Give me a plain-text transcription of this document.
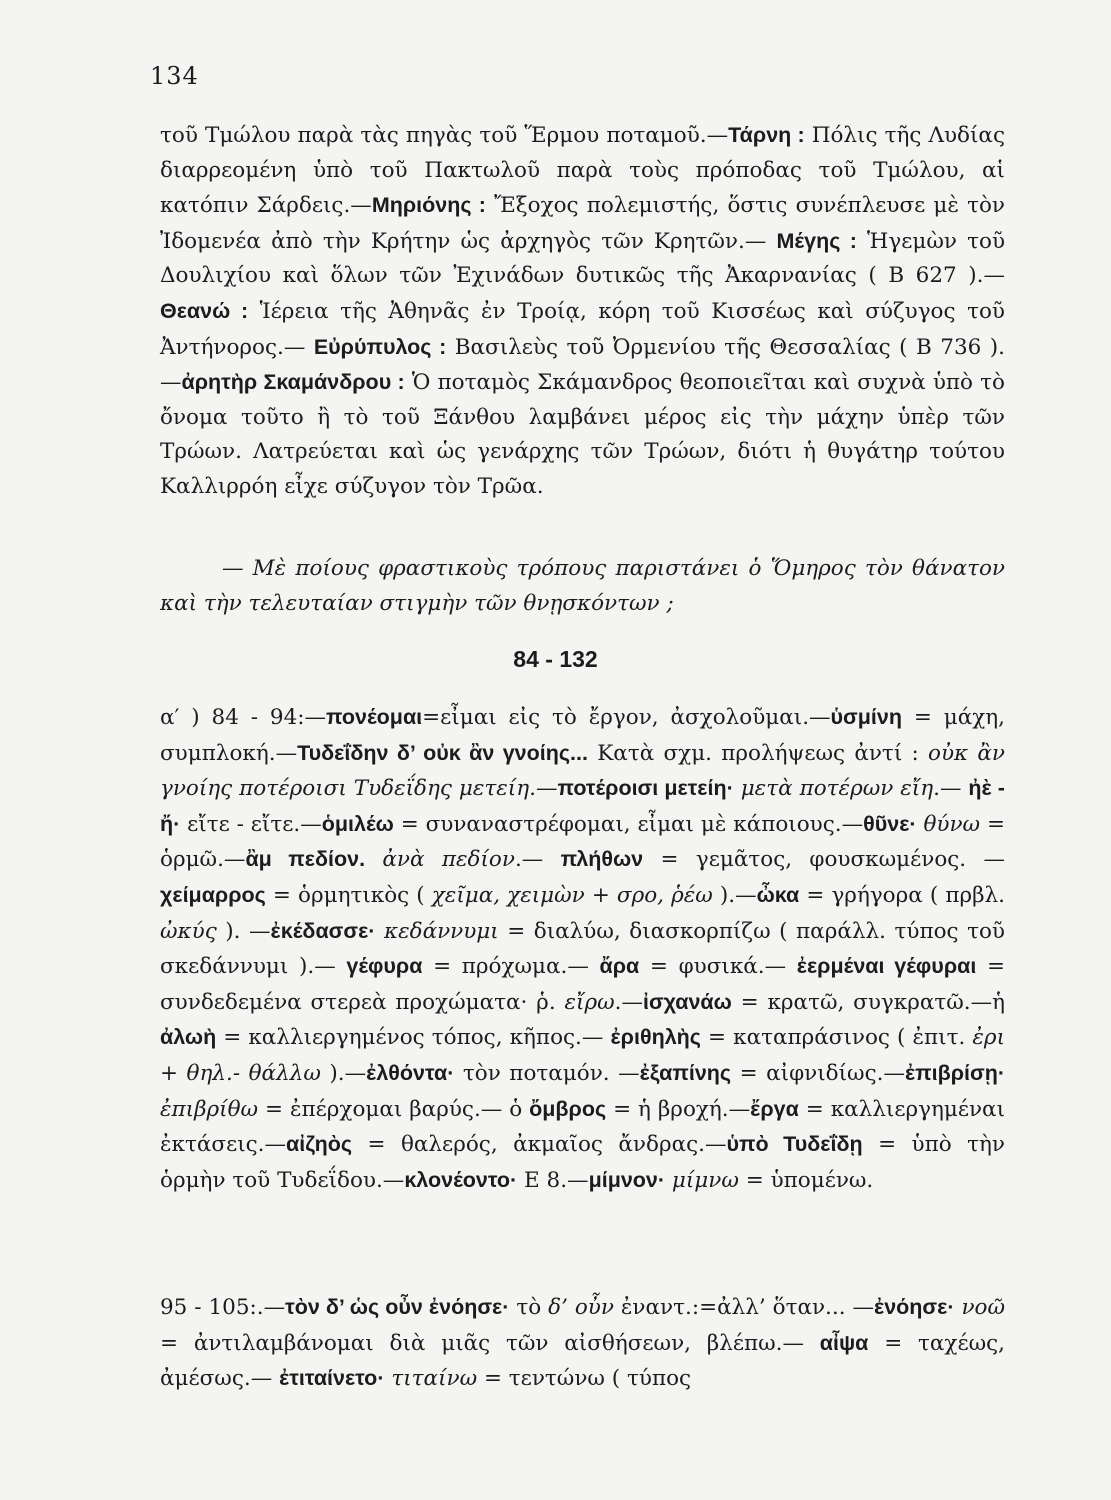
134

τοῦ Τμώλου παρὰ τὰς πηγὰς τοῦ Ἕρμου ποταμοῦ.—Τάρνη : Πόλις τῆς Λυδίας διαρρεομένη ὑπὸ τοῦ Πακτωλοῦ παρὰ τοὺς πρόποδας τοῦ Τμώλου, αἱ κατόπιν Σάρδεις.—Μηριόνης : Ἔξοχος πολεμιστής, ὅστις συνέπλευσε μὲ τὸν Ἰδομενέα ἀπὸ τὴν Κρήτην ὡς ἀρχηγὸς τῶν Κρητῶν.— Μέγης : Ἡγεμὼν τοῦ Δουλιχίου καὶ ὅλων τῶν Ἐχινάδων δυτικῶς τῆς Ἀκαρνανίας ( Β 627 ).—Θεανώ : Ἱέρεια τῆς Ἀθηνᾶς ἐν Τροίᾳ, κόρη τοῦ Κισσέως καὶ σύζυγος τοῦ Ἀντήνορος.— Εὐρύπυλος : Βασιλεὺς τοῦ Ὀρμενίου τῆς Θεσσαλίας ( Β 736 ).—ἀρητὴρ Σκαμάνδρου : Ὁ ποταμὸς Σκάμανδρος θεοποιεῖται καὶ συχνὰ ὑπὸ τὸ ὄνομα τοῦτο ἢ τὸ τοῦ Ξάνθου λαμβάνει μέρος εἰς τὴν μάχην ὑπὲρ τῶν Τρώων. Λατρεύεται καὶ ὡς γενάρχης τῶν Τρώων, διότι ἡ θυγάτηρ τούτου Καλλιρρόη εἶχε σύζυγον τὸν Τρῶα.

— Μὲ ποίους φραστικοὺς τρόπους παριστάνει ὁ Ὅμηρος τὸν θάνατον καὶ τὴν τελευταίαν στιγμὴν τῶν θνῃσκόντων ;
84 - 132

α′ ) 84 - 94:—πονέομαι=εἶμαι εἰς τὸ ἔργον, ἀσχολοῦμαι.—ὑσμίνη = μάχη, συμπλοκή.—Τυδεΐδην δ’ οὐκ ἂν γνοίης... Κατὰ σχμ. προλήψεως ἀντί : οὐκ ἂν γνοίης ποτέροισι Τυδεΐδης μετείη.—ποτέροισι μετείη· μετὰ ποτέρων εἴη.— ἠὲ - ἤ· εἴτε - εἴτε.—ὁμιλέω = συναναστρέφομαι, εἶμαι μὲ κάποιους.—θῦνε· θύνω = ὁρμῶ.—ἂμ πεδίον. ἀνὰ πεδίον.— πλήθων = γεμᾶτος, φουσκωμένος. — χείμαρρος = ὁρμητικὸς ( χεῖμα, χειμὼν + σρο, ῥέω ).—ὦκα = γρήγορα ( πρβλ. ὠκύς ). —ἐκέδασσε· κεδάννυμι = διαλύω, διασκορπίζω ( παράλλ. τύπος τοῦ σκεδάννυμι ).— γέφυρα = πρόχωμα.— ἄρα = φυσικά.— ἐερμέναι γέφυραι = συνδεδεμένα στερεὰ προχώματα· ῥ. εἴρω.—ἰσχανάω = κρατῶ, συγκρατῶ.—ἡ ἀλωὴ = καλλιεργημένος τόπος, κῆπος.— ἐριθηλὴς = καταπράσινος ( ἐπιτ. ἐρι + θηλ.- θάλλω ).—ἐλθόντα· τὸν ποταμόν. —ἐξαπίνης = αἰφνιδίως.—ἐπιβρίσῃ· ἐπιβρίθω = ἐπέρχομαι βαρύς.— ὁ ὄμβρος = ἡ βροχή.—ἔργα = καλλιεργημέναι ἐκτάσεις.—αἰζηὸς = θαλερός, ἀκμαῖος ἄνδρας.—ὑπὸ Τυδεΐδῃ = ὑπὸ τὴν ὁρμὴν τοῦ Τυδεΐδου.—κλονέοντο· Ε 8.—μίμνον· μίμνω = ὑπομένω.

95 - 105:.—τὸν δ’ ὡς οὖν ἐνόησε· τὸ δ’ οὖν ἐναντ.:=ἀλλ’ ὅταν... —ἐνόησε· νοῶ = ἀντιλαμβάνομαι διὰ μιᾶς τῶν αἰσθήσεων, βλέπω.— αἶψα = ταχέως, ἀμέσως.— ἐτιταίνετο· τιταίνω = τεντώνω ( τύπος
